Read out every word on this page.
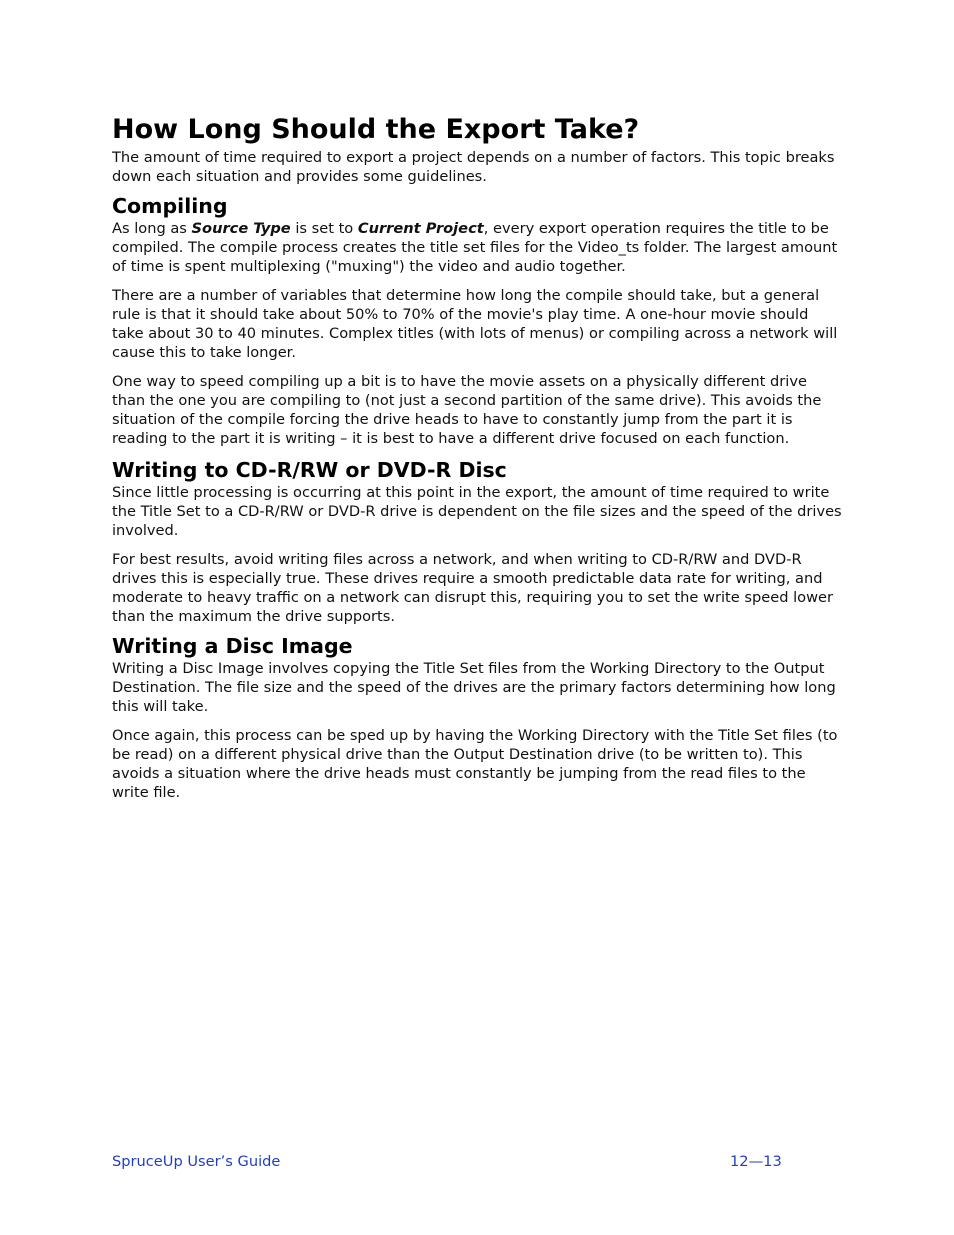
How Long Should the Export Take?

The amount of time required to export a project depends on a number of factors. This topic breaks down each situation and provides some guidelines.

Compiling

As long as Source Type is set to Current Project, every export operation requires the title to be compiled. The compile process creates the title set files for the Video_ts folder. The largest amount of time is spent multiplexing ("muxing") the video and audio together.

There are a number of variables that determine how long the compile should take, but a general rule is that it should take about 50% to 70% of the movie's play time. A one-hour movie should take about 30 to 40 minutes. Complex titles (with lots of menus) or compiling across a network will cause this to take longer.

One way to speed compiling up a bit is to have the movie assets on a physically different drive than the one you are compiling to (not just a second partition of the same drive). This avoids the situation of the compile forcing the drive heads to have to constantly jump from the part it is reading to the part it is writing – it is best to have a different drive focused on each function.

Writing to CD-R/RW or DVD-R Disc

Since little processing is occurring at this point in the export, the amount of time required to write the Title Set to a CD-R/RW or DVD-R drive is dependent on the file sizes and the speed of the drives involved.

For best results, avoid writing files across a network, and when writing to CD-R/RW and DVD-R drives this is especially true. These drives require a smooth predictable data rate for writing, and moderate to heavy traffic on a network can disrupt this, requiring you to set the write speed lower than the maximum the drive supports.

Writing a Disc Image

Writing a Disc Image involves copying the Title Set files from the Working Directory to the Output Destination. The file size and the speed of the drives are the primary factors determining how long this will take.

Once again, this process can be sped up by having the Working Directory with the Title Set files (to be read) on a different physical drive than the Output Destination drive (to be written to). This avoids a situation where the drive heads must constantly be jumping from the read files to the write file.

SpruceUp User’s Guide	12—13
